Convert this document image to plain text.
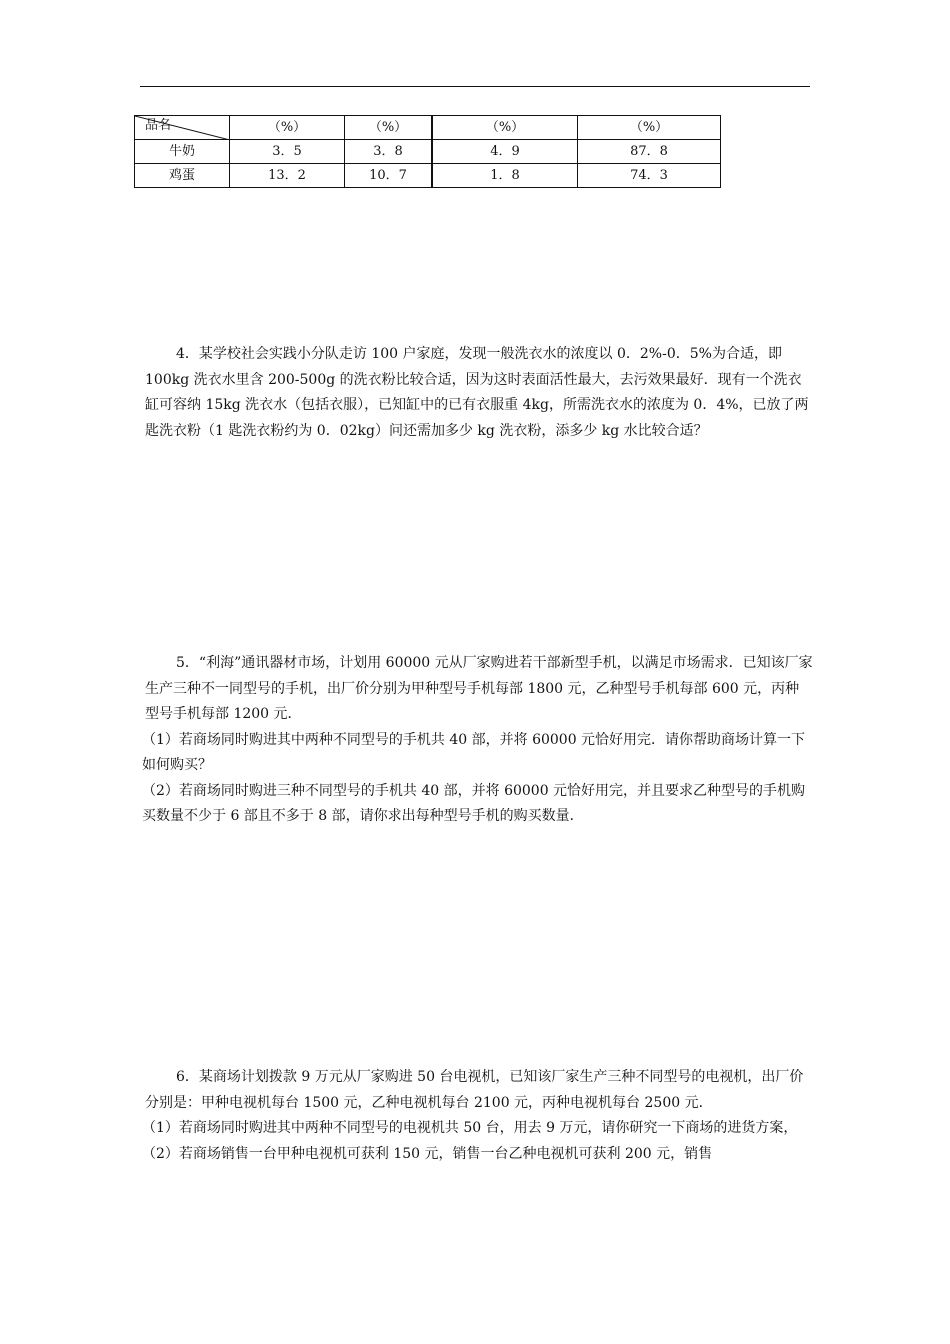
品名	（%）	（%）	（%）	（%）
牛奶	3．5	3．8	4．9	87．8
鸡蛋	13．2	10．7	1．8	74．3

4．某学校社会实践小分队走访 100 户家庭，发现一般洗衣水的浓度以 0．2%-0．5%为合适，即 100kg 洗衣水里含 200-500g 的洗衣粉比较合适，因为这时表面活性最大，去污效果最好．现有一个洗衣缸可容纳 15kg 洗衣水（包括衣服），已知缸中的已有衣服重 4kg，所需洗衣水的浓度为 0．4%，已放了两匙洗衣粉（1 匙洗衣粉约为 0．02kg）问还需加多少 kg 洗衣粉，添多少 kg 水比较合适？

5．“利海”通讯器材市场，计划用 60000 元从厂家购进若干部新型手机，以满足市场需求．已知该厂家生产三种不一同型号的手机，出厂价分别为甲种型号手机每部 1800 元，乙种型号手机每部 600 元，丙种型号手机每部 1200 元．

（1）若商场同时购进其中两种不同型号的手机共 40 部，并将 60000 元恰好用完．请你帮助商场计算一下如何购买？

（2）若商场同时购进三种不同型号的手机共 40 部，并将 60000 元恰好用完，并且要求乙种型号的手机购买数量不少于 6 部且不多于 8 部，请你求出每种型号手机的购买数量．

6．某商场计划拨款 9 万元从厂家购进 50 台电视机，已知该厂家生产三种不同型号的电视机，出厂价分别是：甲种电视机每台 1500 元，乙种电视机每台 2100 元，丙种电视机每台 2500 元．

（1）若商场同时购进其中两种不同型号的电视机共 50 台，用去 9 万元，请你研究一下商场的进货方案，

（2）若商场销售一台甲种电视机可获利 150 元，销售一台乙种电视机可获利 200 元，销售
